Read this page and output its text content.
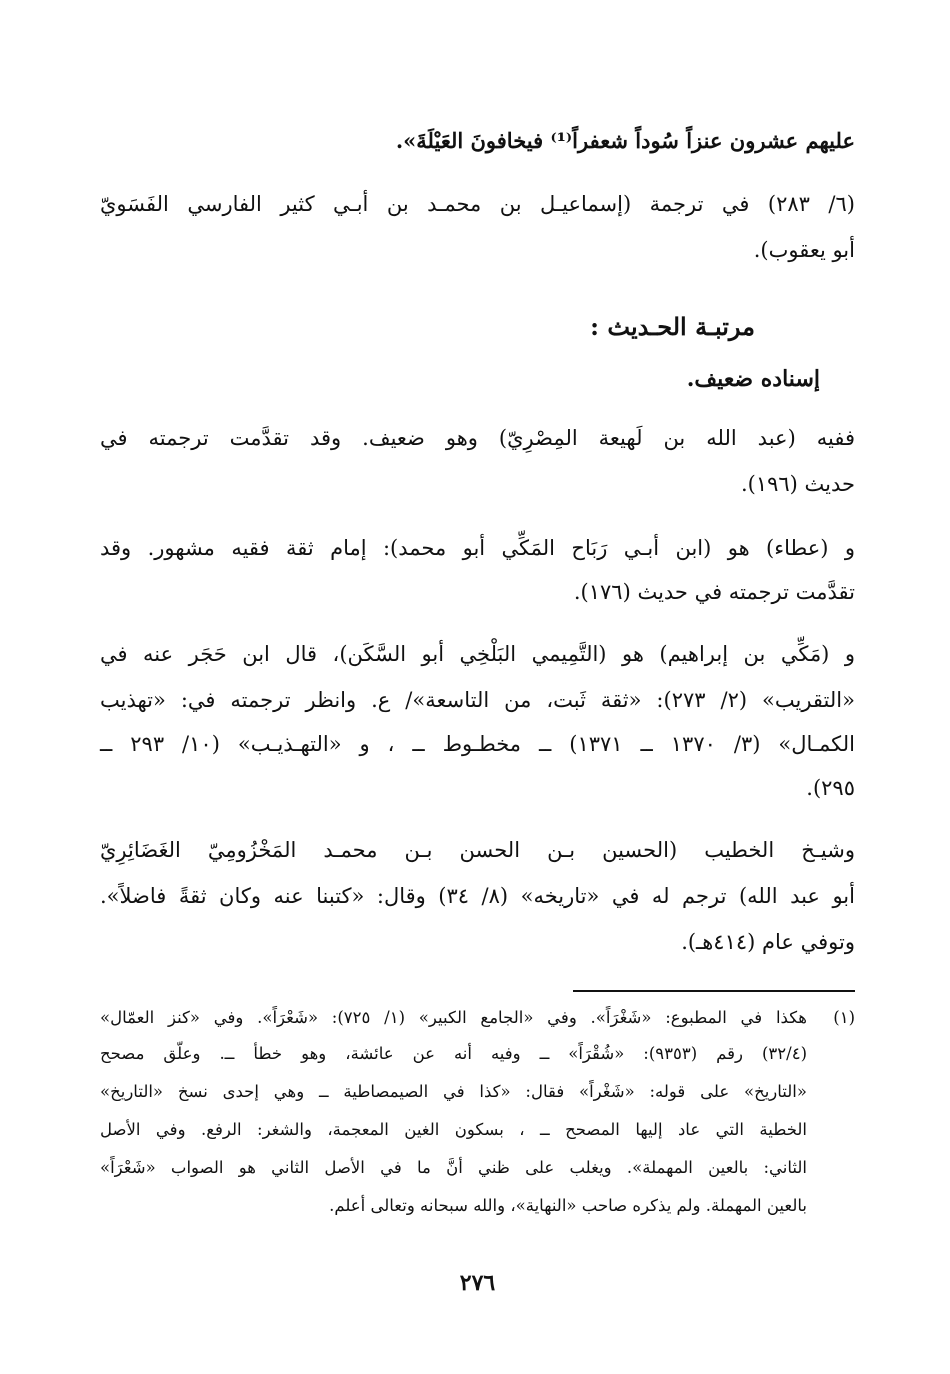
عليهم عشرون عنزاً سُوداً شعفراً⁽¹⁾ فيخافونَ العَيْلَةَ».
(٦/ ٢٨٣) في ترجمة (إسماعيـل بن محمـد بن أبـي كثير الفارسي الفَسَويّ
أبو يعقوب).
مرتبـة الحـديث :
إسناده ضعيف.
ففيه (عبد الله بن لَهيعة المِصْرِيّ) وهو ضعيف. وقد تقدَّمت ترجمته في
حديث (١٩٦).
و (عطاء) هو (ابن أبـي رَبَاح المَكِّي أبو محمد): إمام ثقة فقيه مشهور. وقد
تقدَّمت ترجمته في حديث (١٧٦).
و (مَكِّي بن إبراهيم) هو (التَّمِيمي البَلْخِي أبو السَّكَن)، قال ابن حَجَر عنه في
«التقريب» (٢/ ٢٧٣): «ثقة ثَبت، من التاسعة»/ ع. وانظر ترجمته في: «تهذيب
الكمـال» (٣/ ١٣٧٠ ــ ١٣٧١) ــ مخطـوط ــ ، و «التهـذيـب» (١٠/ ٢٩٣ ــ
٢٩٥).
وشيـخ الخطيب (الحسين بـن الحسن بـن محمـد المَخْزُومِيّ الغَضَائِرِيّ
أبو عبد الله) ترجم له في «تاريخه» (٨/ ٣٤) وقال: «كتبنا عنه وكان ثقةً فاضلاً».
وتوفي عام (٤١٤هـ).
(١)
هكذا في المطبوع: «شَغْرَاً». وفي «الجامع الكبير» (١/ ٧٢٥): «شَعْرَاً». وفي «كنز العمّال»
(٣٢/٤) رقم (٩٣٥٣): «شُقْرَاً» ــ وفيه أنه عن عائشة، وهو خطأ ــ. وعلّق مصحح
«التاريخ» على قوله: «شَغْراً» فقال: «كذا في الصيمصاطية ــ وهي إحدى نسخ «التاريخ»
الخطية التي عاد إليها المصحح ــ ، بسكون الغين المعجمة، والشغر: الرفع. وفي الأصل
الثاني: بالعين المهملة». ويغلب على ظني أنَّ ما في الأصل الثاني هو الصواب «شَعْرَاً»
بالعين المهملة. ولم يذكره صاحب «النهاية»، والله سبحانه وتعالى أعلم.
٢٧٦
